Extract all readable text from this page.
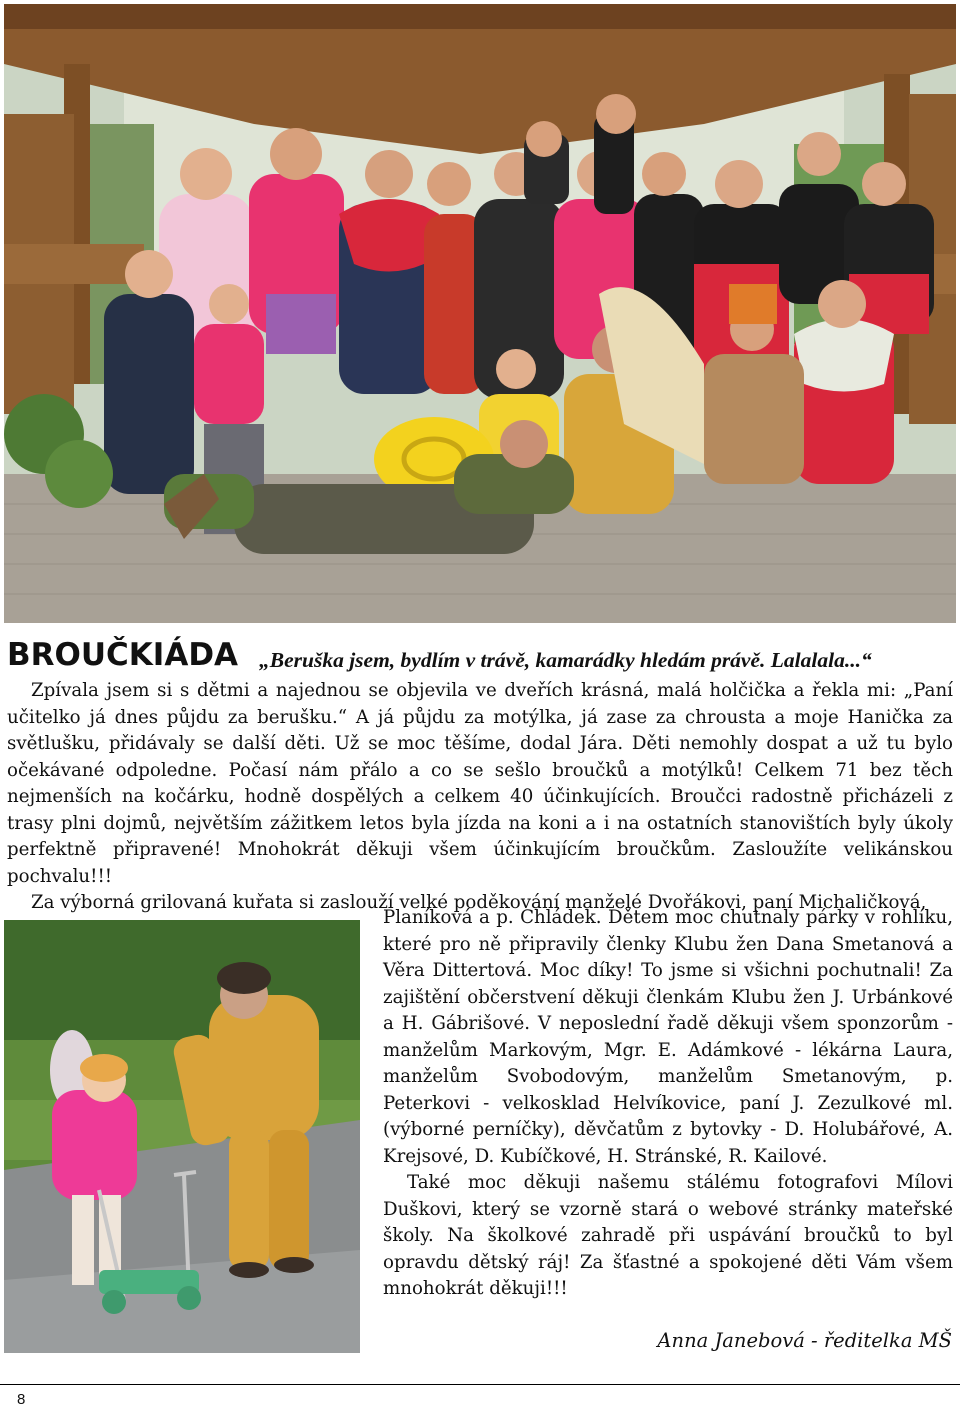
BROUČKIÁDA „Beruška jsem, bydlím v trávě, kamarádky hledám právě. Lalalala...“

Zpívala jsem si s dětmi a najednou se objevila ve dveřích krásná, malá holčička a řekla mi: „Paní učitelko já dnes půjdu za berušku.“ A já půjdu za motýlka, já zase za chrousta a moje Hanička za světlušku, přidávaly se další děti. Už se moc těšíme, dodal Jára. Děti nemohly dospat a už tu bylo očekávané odpoledne. Počasí nám přálo a co se sešlo broučků a motýlků! Celkem 71 bez těch nejmenších na kočárku, hodně dospělých a celkem 40 účinkujících. Broučci radostně přicházeli z trasy plni dojmů, největším zážitkem letos byla jízda na koni a i na ostatních stanovištích byly úkoly perfektně připravené! Mnohokrát děkuji všem účinkujícím broučkům. Zasloužíte velikánskou pochvalu!!!

Za výborná grilovaná kuřata si zaslouží velké poděkování manželé Dvořákovi, paní Michaličková,

Planíková a p. Chládek. Dětem moc chutnaly párky v rohlíku, které pro ně připravily členky Klubu žen Dana Smetanová a Věra Dittertová. Moc díky! To jsme si všichni pochutnali! Za zajištění občerstvení děkuji členkám Klubu žen J. Urbánkové a H. Gábrišové. V neposlední řadě děkuji všem sponzorům - manželům Markovým, Mgr. E. Adámkové - lékárna Laura, manželům Svobodovým, manželům Smetanovým, p. Peterkovi - velkosklad Helvíkovice, paní J. Zezulkové ml. (výborné perníčky), děvčatům z bytovky - D. Holubářové, A. Krejsové, D. Kubíčkové, H. Stránské, R. Kailové.

Také moc děkuji našemu stálému fotografovi Mílovi Duškovi, který se vzorně stará o webové stránky mateřské školy. Na školkové zahradě při uspávání broučků to byl opravdu dětský ráj! Za šťastné a spokojené děti Vám všem mnohokrát děkuji!!!

Anna Janebová - ředitelka MŠ
8
